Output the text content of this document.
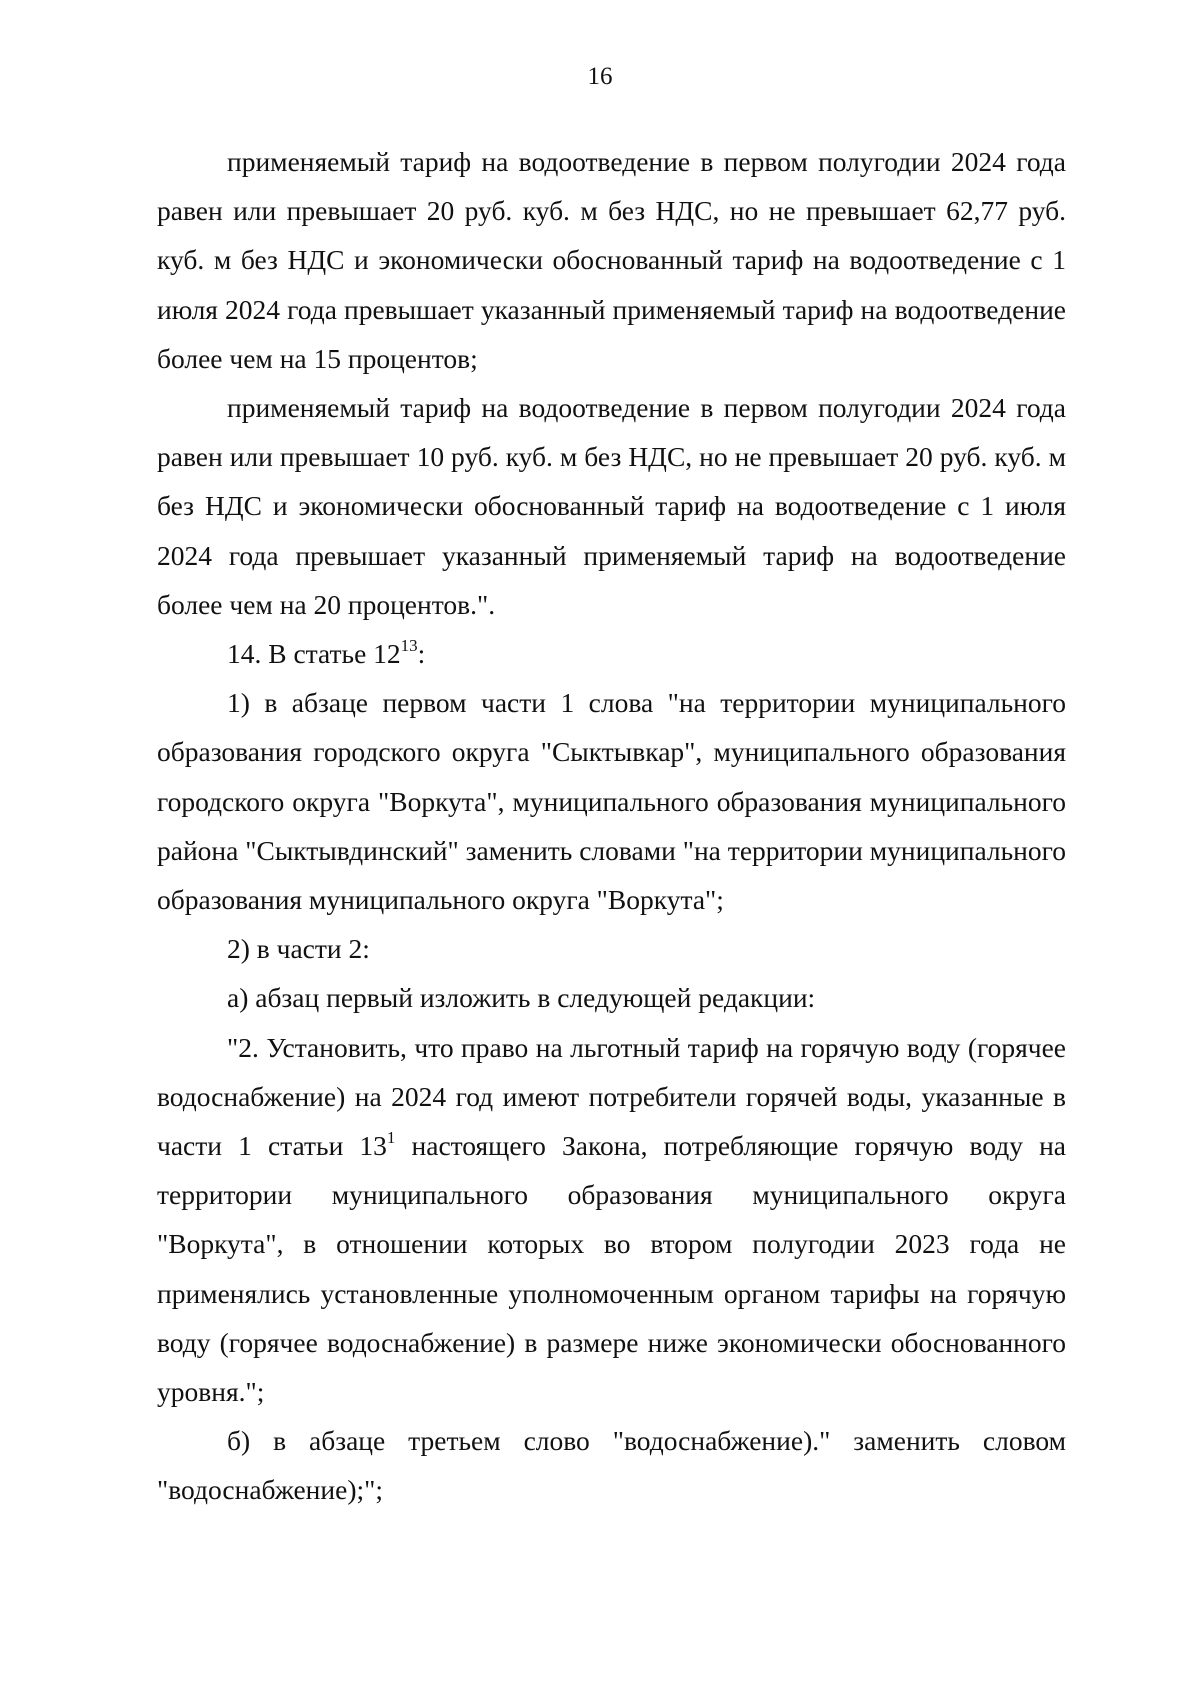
16

применяемый тариф на водоотведение в первом полугодии 2024 года равен или превышает 20 руб. куб. м без НДС, но не превышает 62,77 руб. куб. м без НДС и экономически обоснованный тариф на водоотведение с 1 июля 2024 года превышает указанный применяемый тариф на водоотведение более чем на 15 процентов;

применяемый тариф на водоотведение в первом полугодии 2024 года равен или превышает 10 руб. куб. м без НДС, но не превышает 20 руб. куб. м без НДС и экономически обоснованный тариф на водоотведение с 1 июля 2024 года превышает указанный применяемый тариф на водоотведение более чем на 20 процентов.".

14. В статье $12^{13}$:

1) в абзаце первом части 1 слова "на территории муниципального образования городского округа "Сыктывкар", муниципального образования городского округа "Воркута", муниципального образования муниципального района "Сыктывдинский" заменить словами "на территории муниципального образования муниципального округа "Воркута";

2) в части 2:

а) абзац первый изложить в следующей редакции:

"2. Установить, что право на льготный тариф на горячую воду (горячее водоснабжение) на 2024 год имеют потребители горячей воды, указанные в части 1 статьи $13^1$ настоящего Закона, потребляющие горячую воду на территории муниципального образования муниципального округа "Воркута", в отношении которых во втором полугодии 2023 года не применялись установленные уполномоченным органом тарифы на горячую воду (горячее водоснабжение) в размере ниже экономически обоснованного уровня.";

б) в абзаце третьем слово "водоснабжение)." заменить словом "водоснабжение);";
